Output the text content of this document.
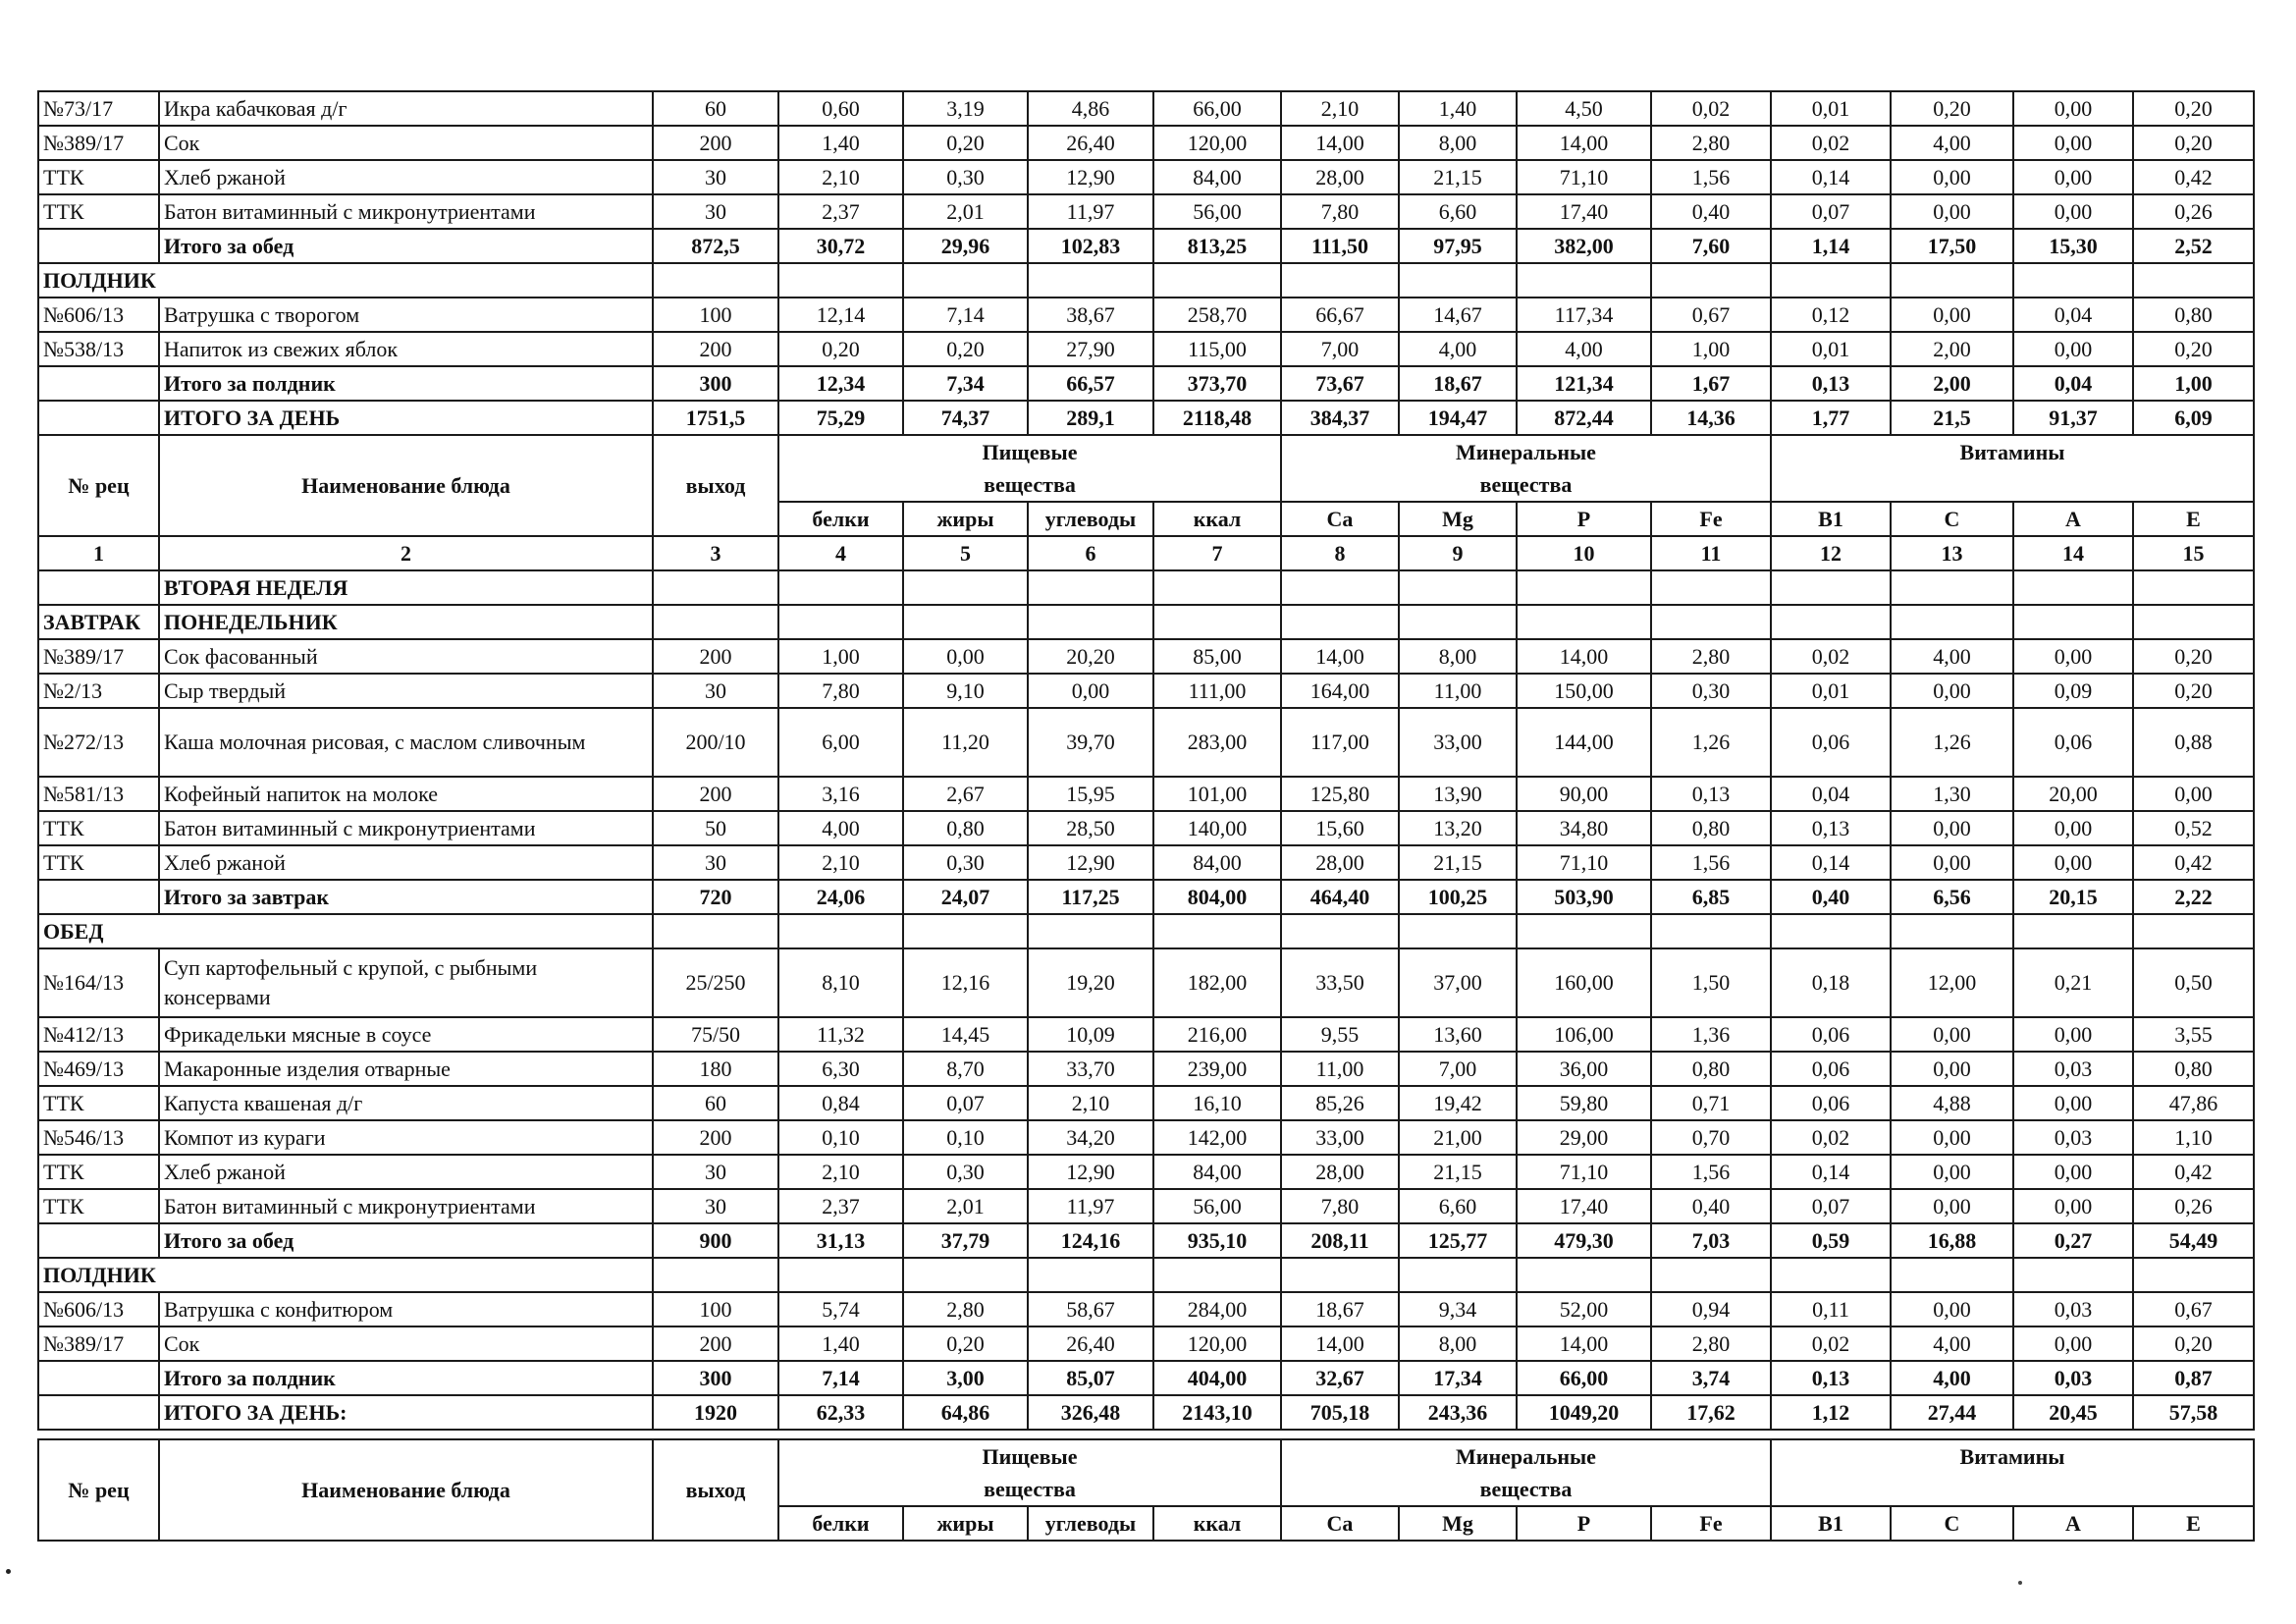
№73/17	Икра кабачковая д/г	60	0,60	3,19	4,86	66,00	2,10	1,40	4,50	0,02	0,01	0,20	0,00	0,20
№389/17	Сок	200	1,40	0,20	26,40	120,00	14,00	8,00	14,00	2,80	0,02	4,00	0,00	0,20
ТТК	Хлеб ржаной	30	2,10	0,30	12,90	84,00	28,00	21,15	71,10	1,56	0,14	0,00	0,00	0,42
ТТК	Батон витаминный с микронутриентами	30	2,37	2,01	11,97	56,00	7,80	6,60	17,40	0,40	0,07	0,00	0,00	0,26
	Итого за обед	872,5	30,72	29,96	102,83	813,25	111,50	97,95	382,00	7,60	1,14	17,50	15,30	2,52
ПОЛДНИК														
№606/13	Ватрушка с творогом	100	12,14	7,14	38,67	258,70	66,67	14,67	117,34	0,67	0,12	0,00	0,04	0,80
№538/13	Напиток из свежих яблок	200	0,20	0,20	27,90	115,00	7,00	4,00	4,00	1,00	0,01	2,00	0,00	0,20
	Итого за полдник	300	12,34	7,34	66,57	373,70	73,67	18,67	121,34	1,67	0,13	2,00	0,04	1,00
	ИТОГО ЗА ДЕНЬ	1751,5	75,29	74,37	289,1	2118,48	384,37	194,47	872,44	14,36	1,77	21,5	91,37	6,09
№ рец	Наименование блюда	выход	Пищевые				Минеральные				Витамины			
			вещества				вещества							
			белки	жиры	углеводы	ккал	Ca	Mg	P	Fe	B1	C	A	E
1	2	3	4	5	6	7	8	9	10	11	12	13	14	15
	ВТОРАЯ НЕДЕЛЯ													
ЗАВТРАК	ПОНЕДЕЛЬНИК													
№389/17	Сок фасованный	200	1,00	0,00	20,20	85,00	14,00	8,00	14,00	2,80	0,02	4,00	0,00	0,20
№2/13	Сыр твердый	30	7,80	9,10	0,00	111,00	164,00	11,00	150,00	0,30	0,01	0,00	0,09	0,20
№272/13	Каша молочная рисовая, с маслом сливочным	200/10	6,00	11,20	39,70	283,00	117,00	33,00	144,00	1,26	0,06	1,26	0,06	0,88
№581/13	Кофейный напиток на молоке	200	3,16	2,67	15,95	101,00	125,80	13,90	90,00	0,13	0,04	1,30	20,00	0,00
ТТК	Батон витаминный с микронутриентами	50	4,00	0,80	28,50	140,00	15,60	13,20	34,80	0,80	0,13	0,00	0,00	0,52
ТТК	Хлеб ржаной	30	2,10	0,30	12,90	84,00	28,00	21,15	71,10	1,56	0,14	0,00	0,00	0,42
	Итого за завтрак	720	24,06	24,07	117,25	804,00	464,40	100,25	503,90	6,85	0,40	6,56	20,15	2,22
ОБЕД														
№164/13	Суп картофельный с крупой, с рыбными консервами	25/250	8,10	12,16	19,20	182,00	33,50	37,00	160,00	1,50	0,18	12,00	0,21	0,50
№412/13	Фрикадельки мясные в соусе	75/50	11,32	14,45	10,09	216,00	9,55	13,60	106,00	1,36	0,06	0,00	0,00	3,55
№469/13	Макаронные изделия отварные	180	6,30	8,70	33,70	239,00	11,00	7,00	36,00	0,80	0,06	0,00	0,03	0,80
ТТК	Капуста квашеная д/г	60	0,84	0,07	2,10	16,10	85,26	19,42	59,80	0,71	0,06	4,88	0,00	47,86
№546/13	Компот из кураги	200	0,10	0,10	34,20	142,00	33,00	21,00	29,00	0,70	0,02	0,00	0,03	1,10
ТТК	Хлеб ржаной	30	2,10	0,30	12,90	84,00	28,00	21,15	71,10	1,56	0,14	0,00	0,00	0,42
ТТК	Батон витаминный с микронутриентами	30	2,37	2,01	11,97	56,00	7,80	6,60	17,40	0,40	0,07	0,00	0,00	0,26
	Итого за обед	900	31,13	37,79	124,16	935,10	208,11	125,77	479,30	7,03	0,59	16,88	0,27	54,49
ПОЛДНИК														
№606/13	Ватрушка с конфитюром	100	5,74	2,80	58,67	284,00	18,67	9,34	52,00	0,94	0,11	0,00	0,03	0,67
№389/17	Сок	200	1,40	0,20	26,40	120,00	14,00	8,00	14,00	2,80	0,02	4,00	0,00	0,20
	Итого за полдник	300	7,14	3,00	85,07	404,00	32,67	17,34	66,00	3,74	0,13	4,00	0,03	0,87
	ИТОГО ЗА ДЕНЬ:	1920	62,33	64,86	326,48	2143,10	705,18	243,36	1049,20	17,62	1,12	27,44	20,45	57,58

№ рец	Наименование блюда	выход	Пищевые				Минеральные				Витамины			
			вещества				вещества							
			белки	жиры	углеводы	ккал	Ca	Mg	P	Fe	B1	C	A	E
